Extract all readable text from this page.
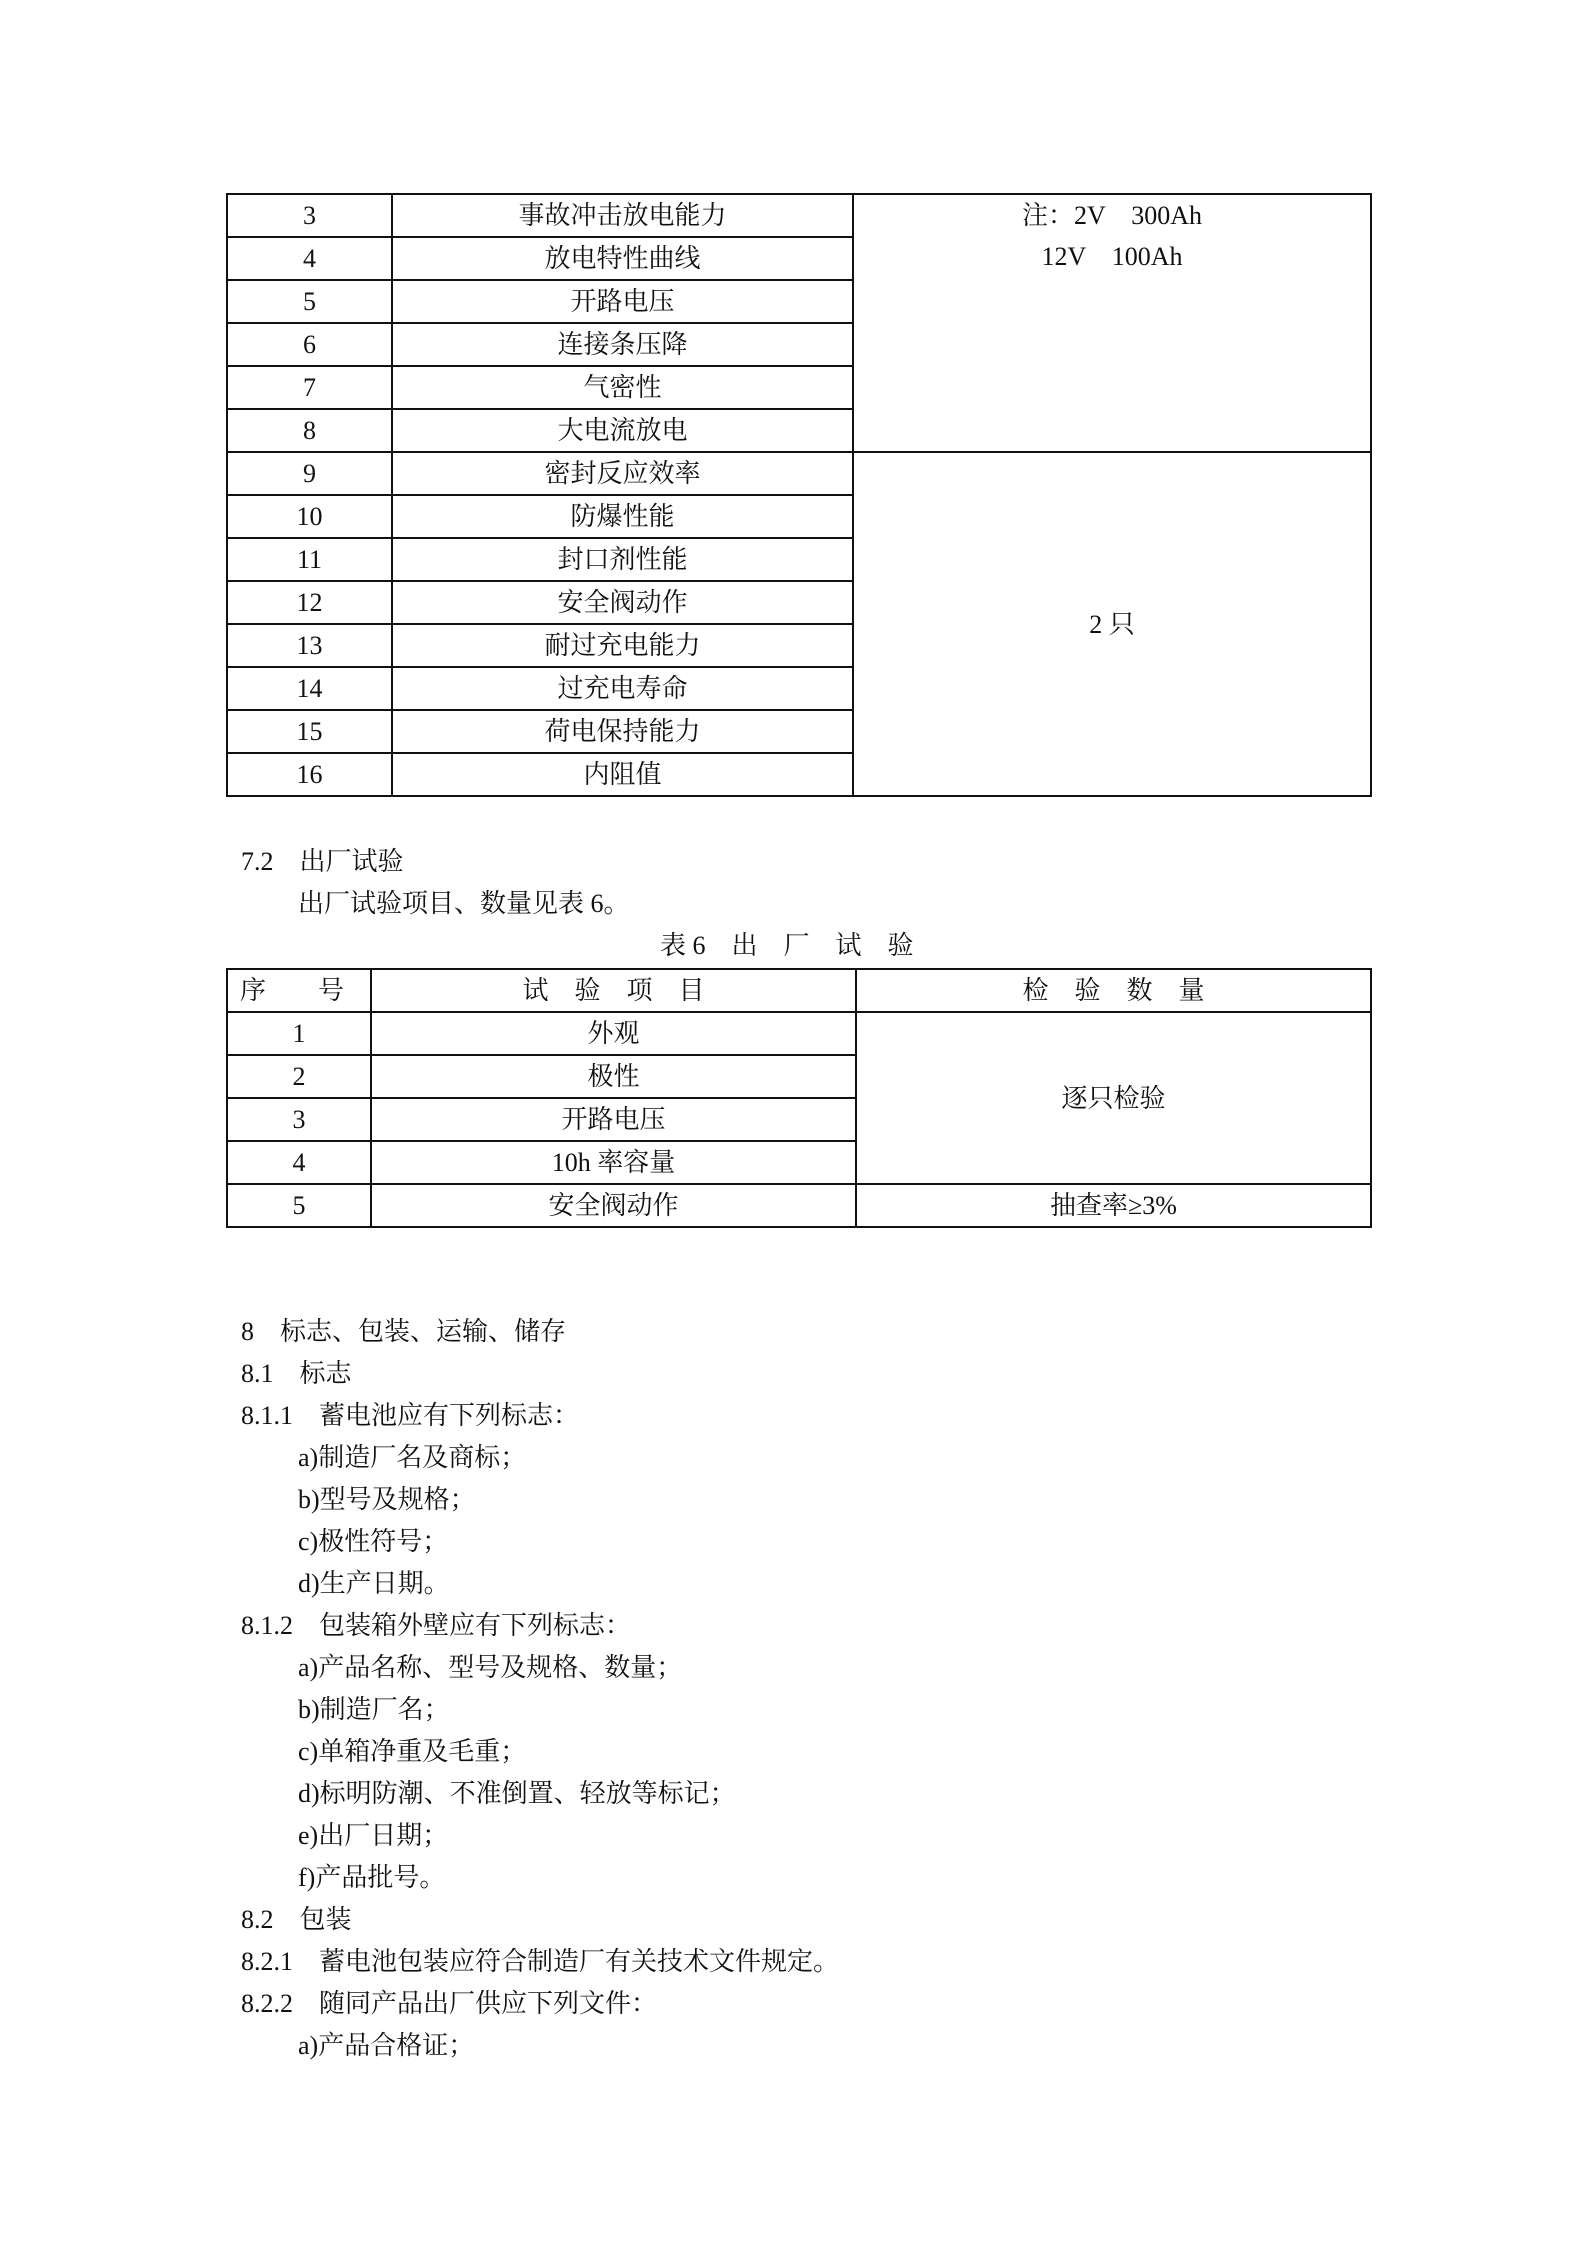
3	事故冲击放电能力	注：2V　300Ah
12V　100Ah

4	放电特性曲线	
5	开路电压	
6	连接条压降	
7	气密性	
8	大电流放电	
9	密封反应效率	2 只
10	防爆性能	
11	封口剂性能	
12	安全阀动作	
13	耐过充电能力	
14	过充电寿命	
15	荷电保持能力	
16	内阻值	
7.2　出厂试验
出厂试验项目、数量见表 6。
表 6　出　厂　试　验
序　　号	试　验　项　目	检　验　数　量
1	外观	逐只检验
2	极性	
3	开路电压	
4	10h 率容量	
5	安全阀动作	抽查率≥3%
8　标志、包装、运输、储存
8.1　标志
8.1.1　蓄电池应有下列标志：
a)制造厂名及商标；
b)型号及规格；
c)极性符号；
d)生产日期。
8.1.2　包装箱外壁应有下列标志：
a)产品名称、型号及规格、数量；
b)制造厂名；
c)单箱净重及毛重；
d)标明防潮、不准倒置、轻放等标记；
e)出厂日期；
f)产品批号。
8.2　包装
8.2.1　蓄电池包装应符合制造厂有关技术文件规定。
8.2.2　随同产品出厂供应下列文件：
a)产品合格证；
